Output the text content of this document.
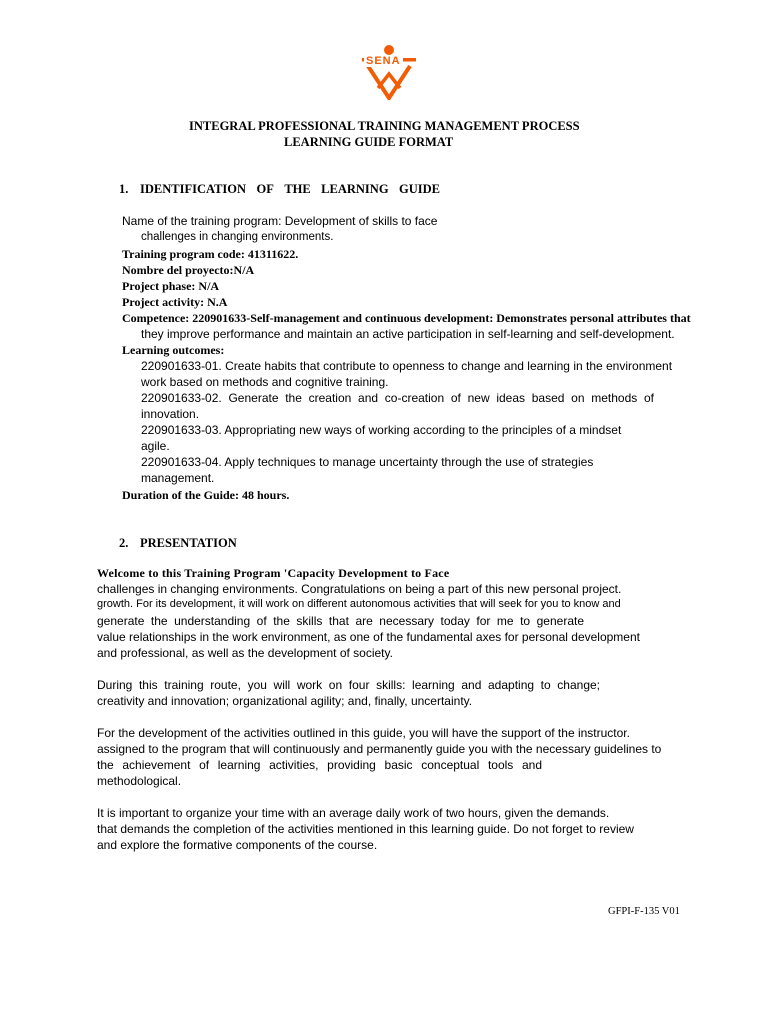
SENA
INTEGRAL PROFESSIONAL TRAINING MANAGEMENT PROCESS
LEARNING GUIDE FORMAT
1. IDENTIFICATION OF THE LEARNING GUIDE
Name of the training program: Development of skills to face
challenges in changing environments.
Training program code: 41311622.
Nombre del proyecto:N/A
Project phase: N/A
Project activity: N.A
Competence: 220901633-Self-management and continuous development: Demonstrates personal attributes that
they improve performance and maintain an active participation in self-learning and self-development.
Learning outcomes:
220901633-01. Create habits that contribute to openness to change and learning in the environment
work based on methods and cognitive training.
220901633-02. Generate the creation and co-creation of new ideas based on methods of
innovation.
220901633-03. Appropriating new ways of working according to the principles of a mindset
agile.
220901633-04. Apply techniques to manage uncertainty through the use of strategies
management.
Duration of the Guide: 48 hours.
2. PRESENTATION
Welcome to this Training Program 'Capacity Development to Face
challenges in changing environments. Congratulations on being a part of this new personal project.
growth. For its development, it will work on different autonomous activities that will seek for you to know and
generate the understanding of the skills that are necessary today for me to generate
value relationships in the work environment, as one of the fundamental axes for personal development
and professional, as well as the development of society.
During this training route, you will work on four skills: learning and adapting to change;
creativity and innovation; organizational agility; and, finally, uncertainty.
For the development of the activities outlined in this guide, you will have the support of the instructor.
assigned to the program that will continuously and permanently guide you with the necessary guidelines to
the achievement of learning activities, providing basic conceptual tools and
methodological.
It is important to organize your time with an average daily work of two hours, given the demands.
that demands the completion of the activities mentioned in this learning guide. Do not forget to review
and explore the formative components of the course.
GFPI-F-135 V01
